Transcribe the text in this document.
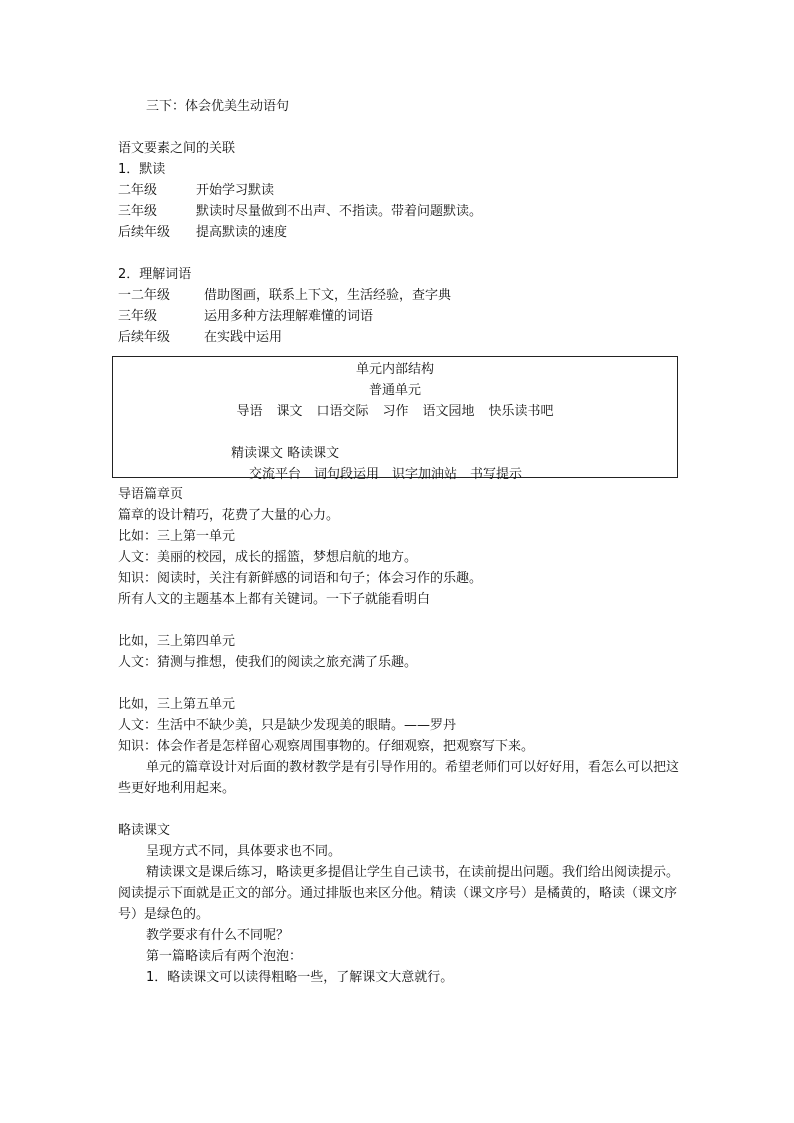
三下：体会优美生动语句
语文要素之间的关联
1．默读
二年级	开始学习默读
三年级	默读时尽量做到不出声、不指读。带着问题默读。
后续年级	提高默读的速度
2．理解词语
一二年级	借助图画，联系上下文，生活经验，查字典
三年级	运用多种方法理解难懂的词语
后续年级	在实践中运用
单元内部结构
普通单元
导语 课文 口语交际 习作 语文园地 快乐读书吧
精读课文 略读课文
交流平台　词句段运用　识字加油站　书写提示
导语篇章页
篇章的设计精巧，花费了大量的心力。
比如：三上第一单元
人文：美丽的校园，成长的摇篮，梦想启航的地方。
知识：阅读时，关注有新鲜感的词语和句子；体会习作的乐趣。
所有人文的主题基本上都有关键词。一下子就能看明白
比如，三上第四单元
人文：猜测与推想，使我们的阅读之旅充满了乐趣。
比如，三上第五单元
人文：生活中不缺少美，只是缺少发现美的眼睛。——罗丹
知识：体会作者是怎样留心观察周围事物的。仔细观察，把观察写下来。
单元的篇章设计对后面的教材教学是有引导作用的。希望老师们可以好好用，看怎么可以把这些更好地利用起来。
略读课文
呈现方式不同，具体要求也不同。
精读课文是课后练习，略读更多提倡让学生自己读书，在读前提出问题。我们给出阅读提示。阅读提示下面就是正文的部分。通过排版也来区分他。精读（课文序号）是橘黄的，略读（课文序号）是绿色的。
教学要求有什么不同呢？
第一篇略读后有两个泡泡：
1．略读课文可以读得粗略一些，了解课文大意就行。
